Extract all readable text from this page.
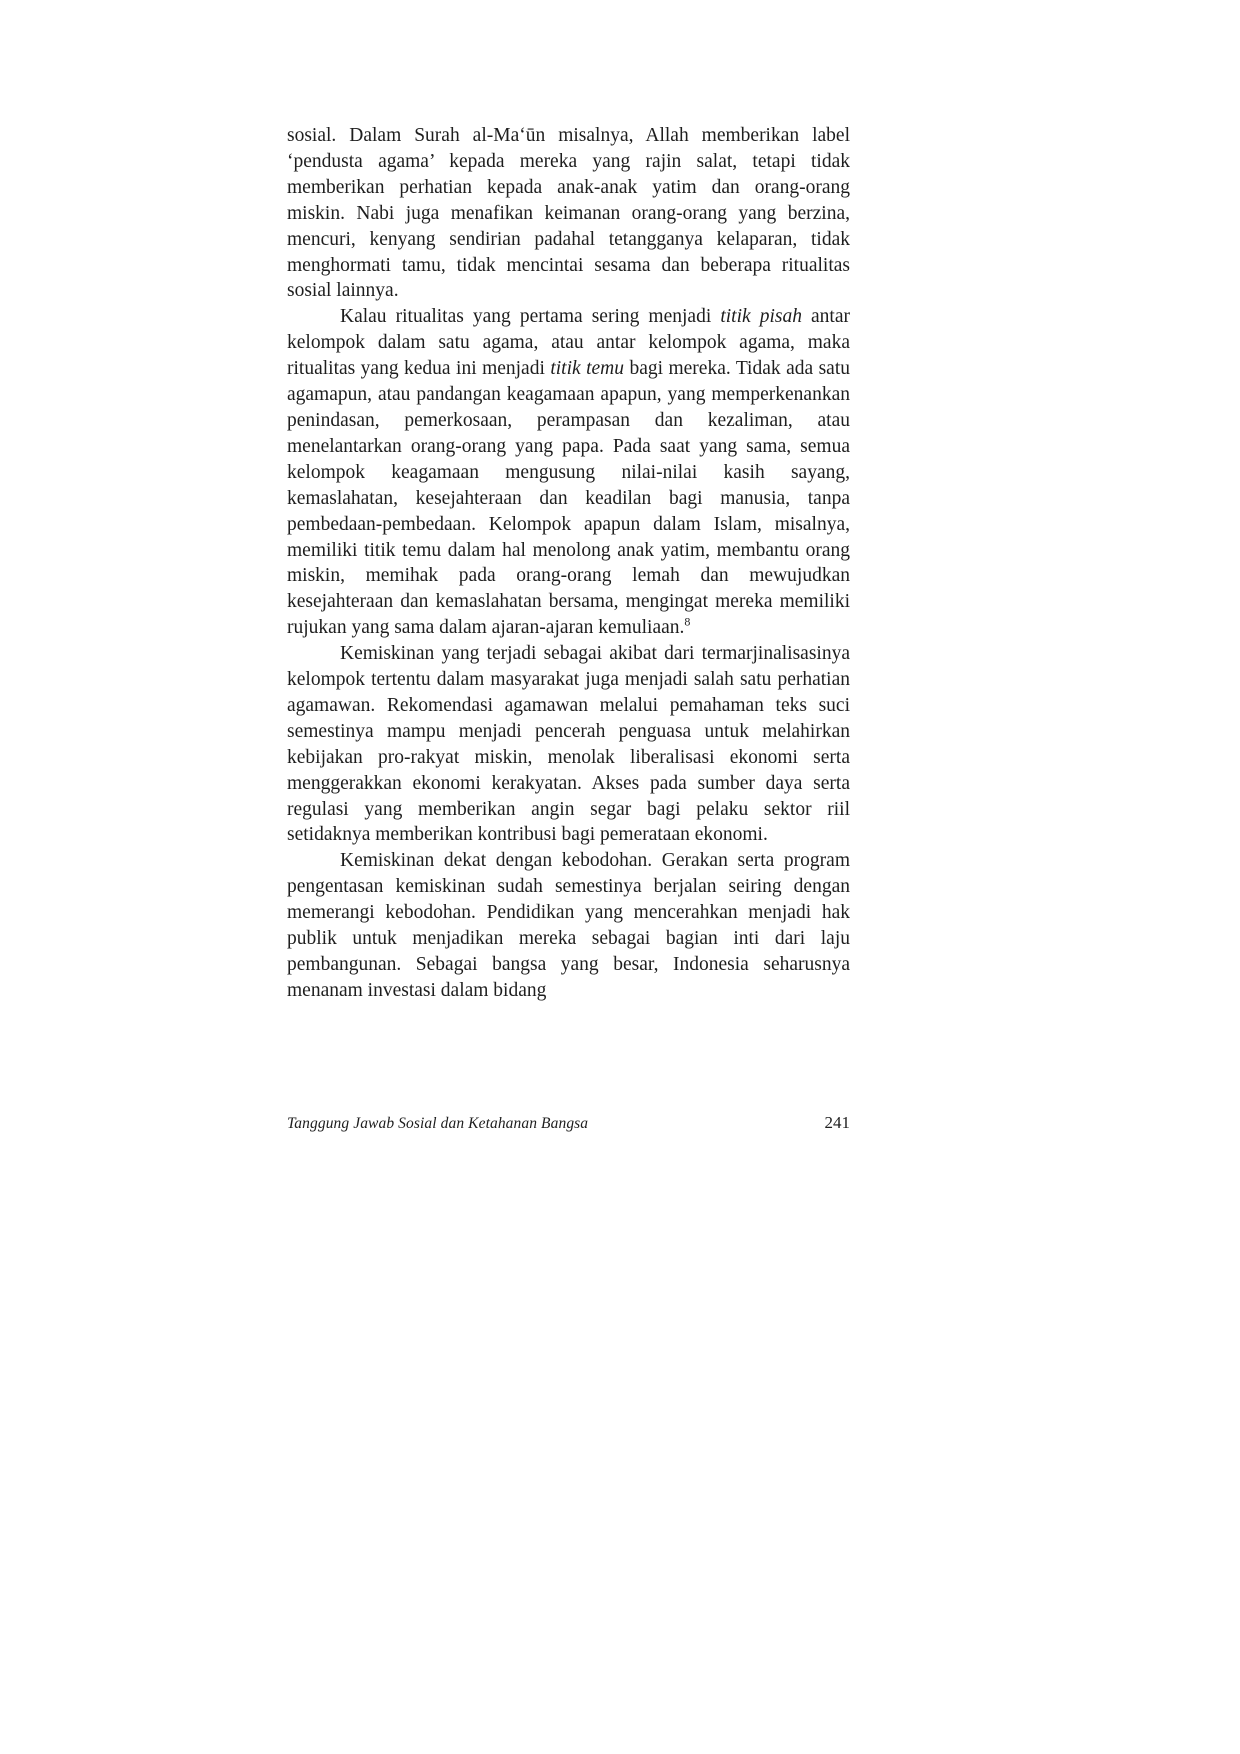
sosial. Dalam Surah al-Ma‘ūn misalnya, Allah memberikan label ‘pendusta agama’ kepada mereka yang rajin salat, tetapi tidak memberikan perhatian kepada anak-anak yatim dan orang-orang miskin. Nabi juga menafikan keimanan orang-orang yang berzina, mencuri, kenyang sendirian padahal tetangganya kelaparan, tidak menghormati tamu, tidak mencintai sesama dan beberapa ritualitas sosial lainnya.

Kalau ritualitas yang pertama sering menjadi titik pisah antar kelompok dalam satu agama, atau antar kelompok agama, maka ritualitas yang kedua ini menjadi titik temu bagi mereka. Tidak ada satu agamapun, atau pandangan keagamaan apapun, yang memperkenankan penindasan, pemerkosaan, perampasan dan kezaliman, atau menelantarkan orang-orang yang papa. Pada saat yang sama, semua kelompok keagamaan mengusung nilai-nilai kasih sayang, kemaslahatan, kesejahteraan dan keadilan bagi manusia, tanpa pembedaan-pembedaan. Kelompok apapun dalam Islam, misalnya, memiliki titik temu dalam hal menolong anak yatim, membantu orang miskin, memihak pada orang-orang lemah dan mewujudkan kesejahteraan dan kemaslahatan bersama, mengingat mereka memiliki rujukan yang sama dalam ajaran-ajaran kemuliaan.$^8$

Kemiskinan yang terjadi sebagai akibat dari termarjinalisasinya kelompok tertentu dalam masyarakat juga menjadi salah satu perhatian agamawan. Rekomendasi agamawan melalui pemahaman teks suci semestinya mampu menjadi pencerah penguasa untuk melahirkan kebijakan pro-rakyat miskin, menolak liberalisasi ekonomi serta menggerakkan ekonomi kerakyatan. Akses pada sumber daya serta regulasi yang memberikan angin segar bagi pelaku sektor riil setidaknya memberikan kontribusi bagi pemerataan ekonomi.

Kemiskinan dekat dengan kebodohan. Gerakan serta program pengentasan kemiskinan sudah semestinya berjalan seiring dengan memerangi kebodohan. Pendidikan yang mencerahkan menjadi hak publik untuk menjadikan mereka sebagai bagian inti dari laju pembangunan. Sebagai bangsa yang besar, Indonesia seharusnya menanam investasi dalam bidang

Tanggung Jawab Sosial dan Ketahanan Bangsa	241
